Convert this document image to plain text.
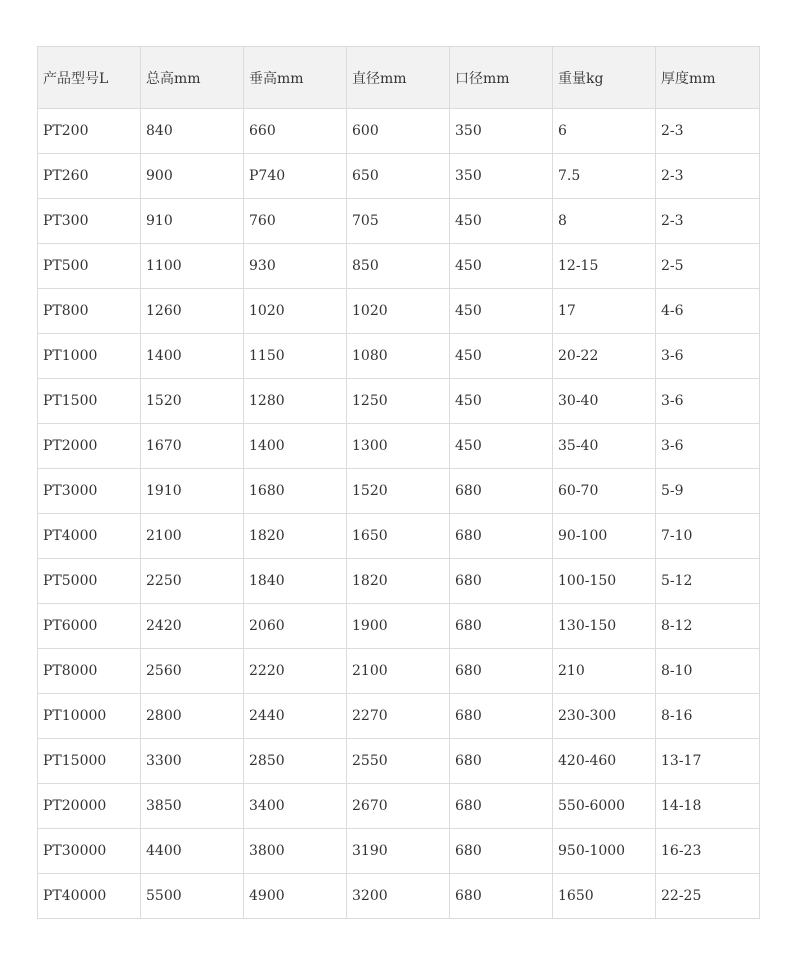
产品型号L	总高mm	垂高mm	直径mm	口径mm	重量kg	厚度mm
PT200	840	660	600	350	6	2-3
PT260	900	P740	650	350	7.5	2-3
PT300	910	760	705	450	8	2-3
PT500	1100	930	850	450	12-15	2-5
PT800	1260	1020	1020	450	17	4-6
PT1000	1400	1150	1080	450	20-22	3-6
PT1500	1520	1280	1250	450	30-40	3-6
PT2000	1670	1400	1300	450	35-40	3-6
PT3000	1910	1680	1520	680	60-70	5-9
PT4000	2100	1820	1650	680	90-100	7-10
PT5000	2250	1840	1820	680	100-150	5-12
PT6000	2420	2060	1900	680	130-150	8-12
PT8000	2560	2220	2100	680	210	8-10
PT10000	2800	2440	2270	680	230-300	8-16
PT15000	3300	2850	2550	680	420-460	13-17
PT20000	3850	3400	2670	680	550-6000	14-18
PT30000	4400	3800	3190	680	950-1000	16-23
PT40000	5500	4900	3200	680	1650	22-25
